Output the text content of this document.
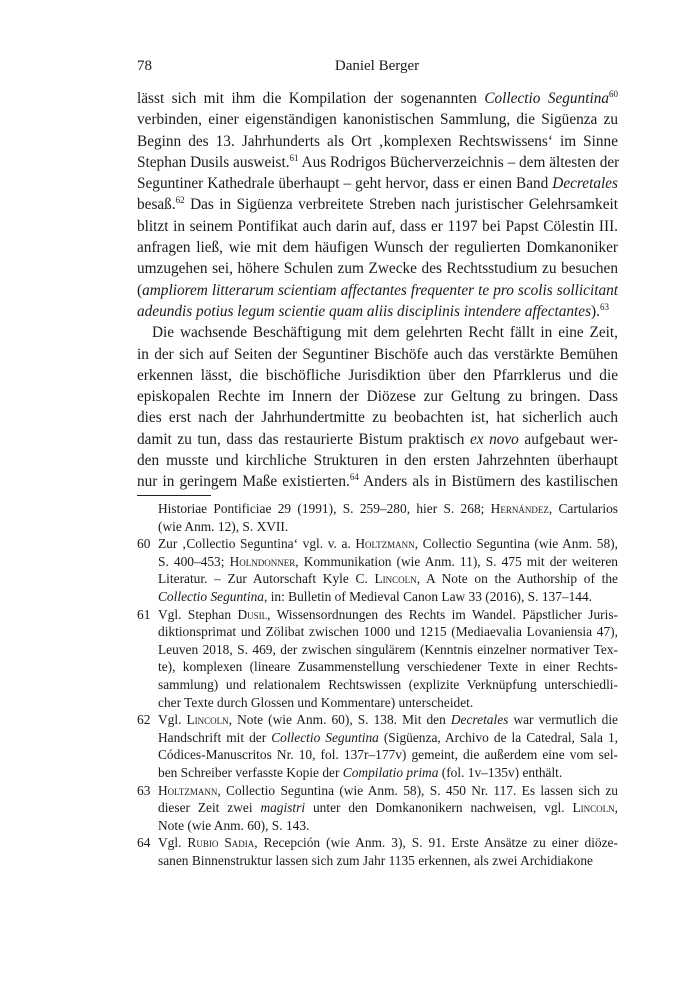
78	Daniel Berger
lässt sich mit ihm die Kompilation der sogenannten Collectio Seguntina$^{60}$
verbinden, einer eigenständigen kanonistischen Sammlung, die Sigüenza zu
Beginn des 13. Jahrhunderts als Ort ‚komplexen Rechtswissens‘ im Sinne
Stephan Dusils ausweist.$^{61}$ Aus Rodrigos Bücherverzeichnis – dem ältesten der
Seguntiner Kathedrale überhaupt – geht hervor, dass er einen Band Decretales
besaß.$^{62}$ Das in Sigüenza verbreitete Streben nach juristischer Gelehrsamkeit
blitzt in seinem Pontifikat auch darin auf, dass er 1197 bei Papst Cölestin III.
anfragen ließ, wie mit dem häufigen Wunsch der regulierten Domkanoniker
umzugehen sei, höhere Schulen zum Zwecke des Rechtsstudium zu besuchen
(ampliorem litterarum scientiam affectantes frequenter te pro scolis sollicitant
adeundis potius legum scientie quam aliis disciplinis intendere affectantes).$^{63}$
Die wachsende Beschäftigung mit dem gelehrten Recht fällt in eine Zeit,
in der sich auf Seiten der Seguntiner Bischöfe auch das verstärkte Bemühen
erkennen lässt, die bischöfliche Jurisdiktion über den Pfarrklerus und die
episkopalen Rechte im Innern der Diözese zur Geltung zu bringen. Dass
dies erst nach der Jahrhundertmitte zu beobachten ist, hat sicherlich auch
damit zu tun, dass das restaurierte Bistum praktisch ex novo aufgebaut wer-
den musste und kirchliche Strukturen in den ersten Jahrzehnten überhaupt
nur in geringem Maße existierten.$^{64}$ Anders als in Bistümern des kastilischen
Historiae Pontificiae 29 (1991), S. 259–280, hier S. 268; Hernández, Cartularios
(wie Anm. 12), S. XVII.
60 Zur ‚Collectio Seguntina‘ vgl. v. a. Holtzmann, Collectio Seguntina (wie Anm. 58),
S. 400–453; Holndonner, Kommunikation (wie Anm. 11), S. 475 mit der weiteren
Literatur. – Zur Autorschaft Kyle C. Lincoln, A Note on the Authorship of the
Collectio Seguntina, in: Bulletin of Medieval Canon Law 33 (2016), S. 137–144.
61 Vgl. Stephan Dusil, Wissensordnungen des Rechts im Wandel. Päpstlicher Juris-
diktionsprimat und Zölibat zwischen 1000 und 1215 (Mediaevalia Lovaniensia 47),
Leuven 2018, S. 469, der zwischen singulärem (Kenntnis einzelner normativer Tex-
te), komplexen (lineare Zusammenstellung verschiedener Texte in einer Rechts-
sammlung) und relationalem Rechtswissen (explizite Verknüpfung unterschiedli-
cher Texte durch Glossen und Kommentare) unterscheidet.
62 Vgl. Lincoln, Note (wie Anm. 60), S. 138. Mit den Decretales war vermutlich die
Handschrift mit der Collectio Seguntina (Sigüenza, Archivo de la Catedral, Sala 1,
Códices-Manuscritos Nr. 10, fol. 137r–177v) gemeint, die außerdem eine vom sel-
ben Schreiber verfasste Kopie der Compilatio prima (fol. 1v–135v) enthält.
63 Holtzmann, Collectio Seguntina (wie Anm. 58), S. 450 Nr. 117. Es lassen sich zu
dieser Zeit zwei magistri unter den Domkanonikern nachweisen, vgl. Lincoln,
Note (wie Anm. 60), S. 143.
64 Vgl. Rubio Sadia, Recepción (wie Anm. 3), S. 91. Erste Ansätze zu einer diöze-
sanen Binnenstruktur lassen sich zum Jahr 1135 erkennen, als zwei Archidiakone
